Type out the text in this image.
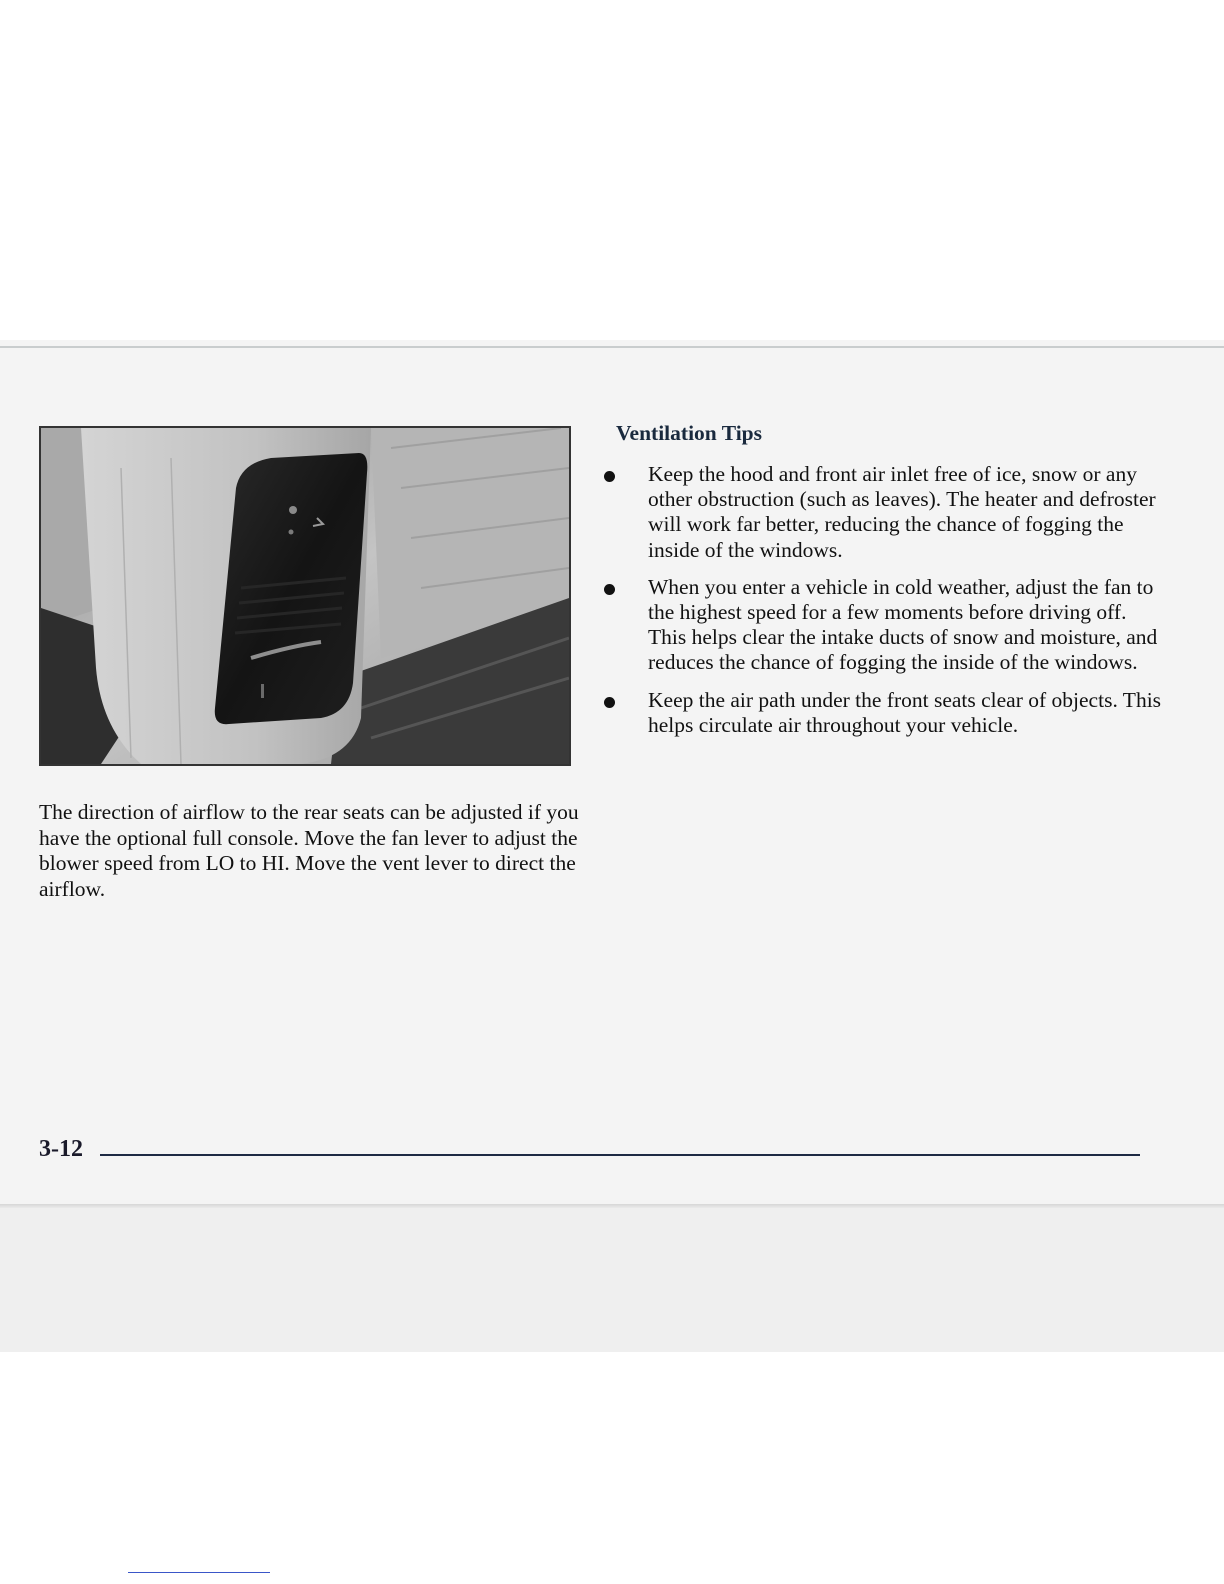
The direction of airflow to the rear seats can be adjusted if you have the optional full console. Move the fan lever to adjust the blower speed from LO to HI. Move the vent lever to direct the airflow.

Ventilation Tips
Keep the hood and front air inlet free of ice, snow or any other obstruction (such as leaves). The heater and defroster will work far better, reducing the chance of fogging the inside of the windows.
When you enter a vehicle in cold weather, adjust the fan to the highest speed for a few moments before driving off. This helps clear the intake ducts of snow and moisture, and reduces the chance of fogging the inside of the windows.
Keep the air path under the front seats clear of objects. This helps circulate air throughout your vehicle.
3-12
